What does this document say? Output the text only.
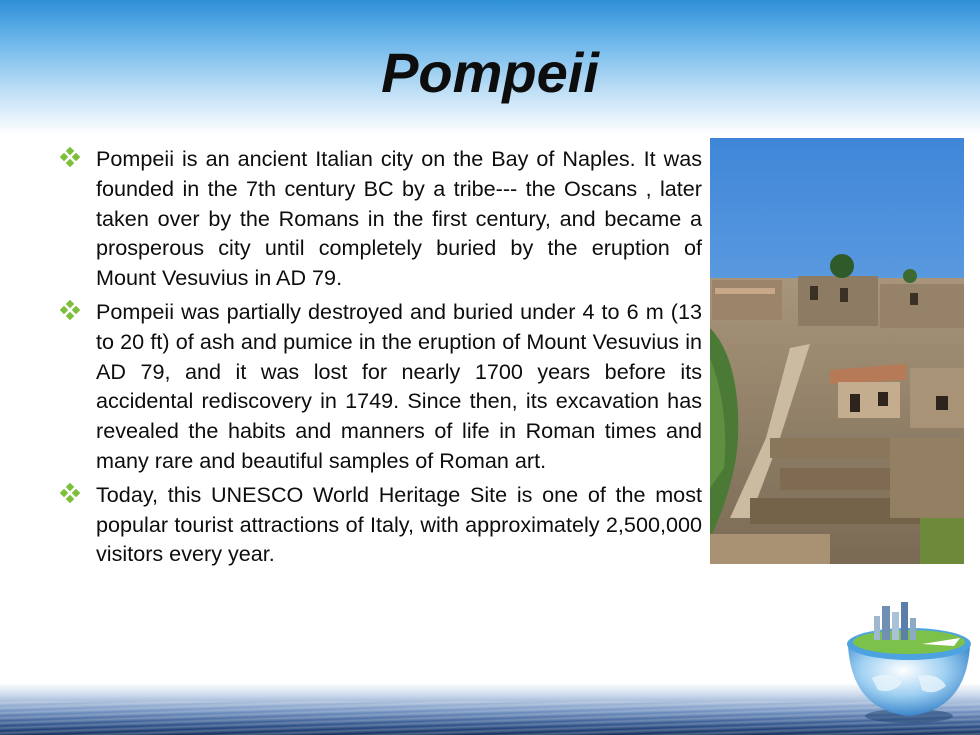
Pompeii
Pompeii is an ancient Italian city on the Bay of Naples. It was founded in the 7th century BC by a tribe--- the Oscans , later taken over by the Romans in the first century, and became a prosperous city until completely buried by the eruption of Mount Vesuvius in AD 79.
Pompeii was partially destroyed and buried under 4 to 6 m (13 to 20 ft) of ash and pumice in the eruption of Mount Vesuvius in AD 79, and it was lost for nearly 1700 years before its accidental rediscovery in 1749. Since then, its excavation has revealed the habits and manners of life in Roman times and many rare and beautiful samples of Roman art.
Today, this UNESCO World Heritage Site is one of the most popular tourist attractions of Italy, with approximately 2,500,000 visitors every year.
